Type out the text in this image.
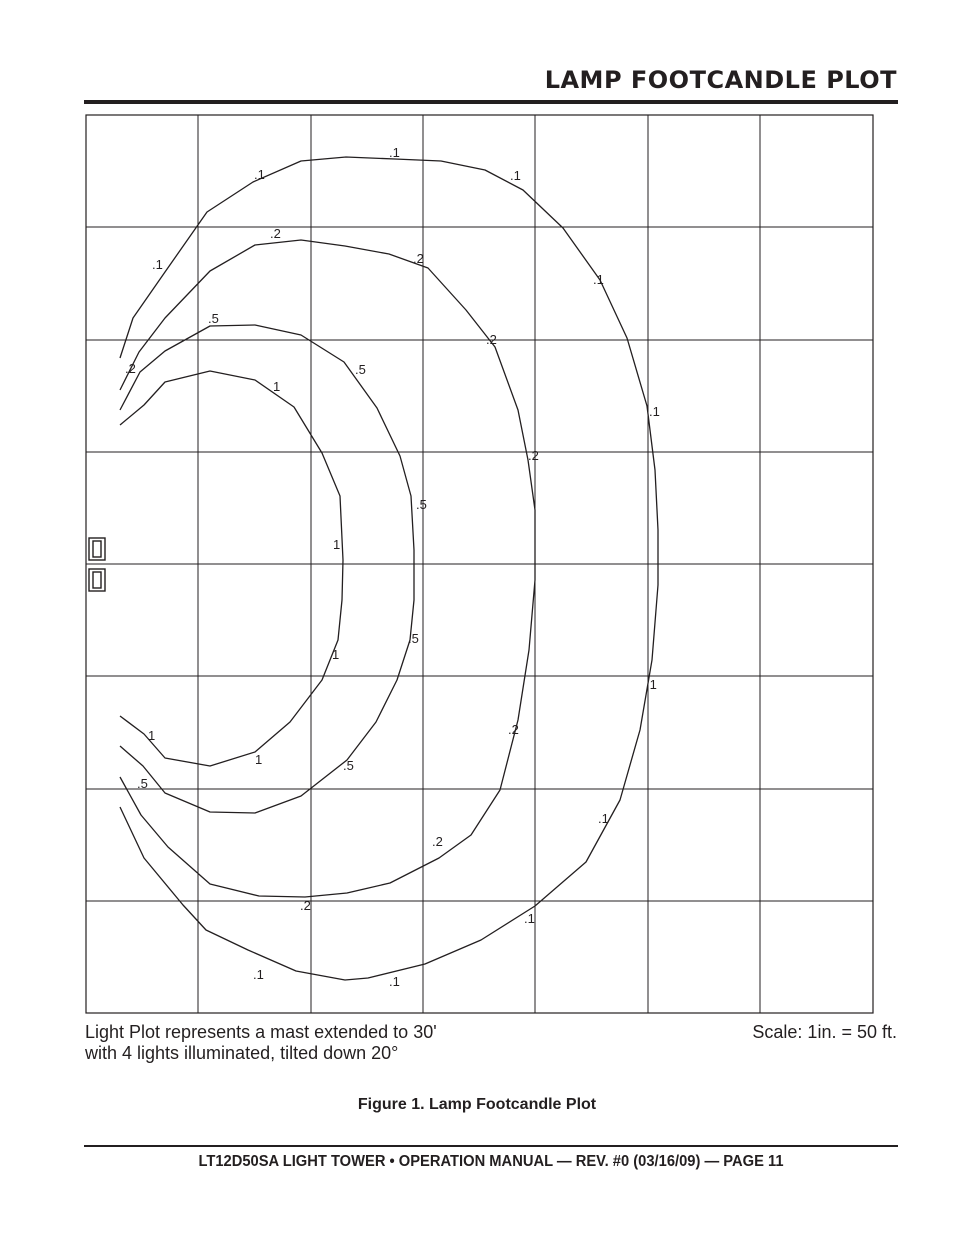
LAMP FOOTCANDLE PLOT
.1
.1
.1
.1
.1
.1
.1
.1
.1
.1	.1
.2
.2
.2
.2
.2
.2
.2
.2
.5
.5
.5
.5
.5
.5
1
1
1
1
1
Light Plot represents a mast extended to 30'
with 4 lights illuminated, tilted down 20°
Scale: 1in. = 50 ft.
Figure 1. Lamp Footcandle Plot
LT12D50SA LIGHT TOWER • OPERATION MANUAL — REV. #0 (03/16/09) — PAGE 11
